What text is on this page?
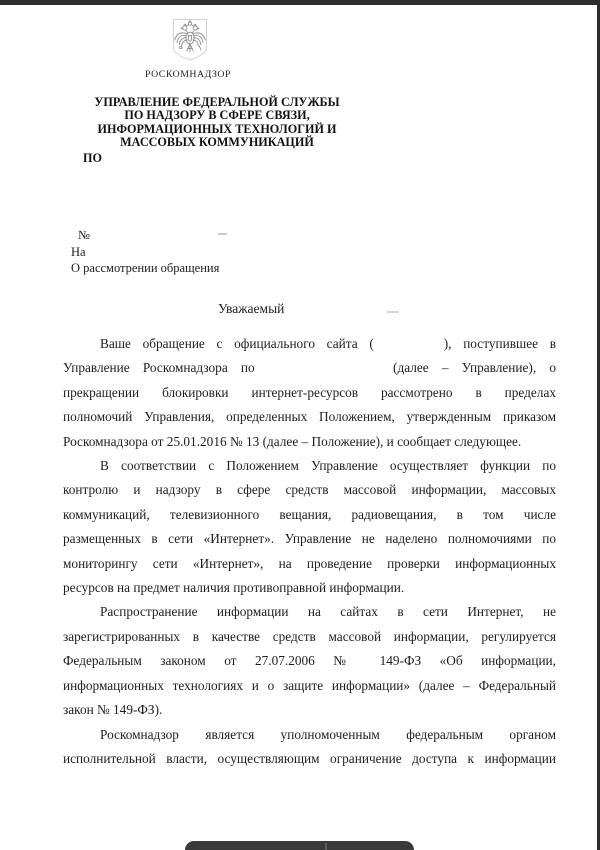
РОСКОМНАДЗОР
УПРАВЛЕНИЕ ФЕДЕРАЛЬНОЙ СЛУЖБЫ
ПО НАДЗОРУ В СФЕРЕ СВЯЗИ,
ИНФОРМАЦИОННЫХ ТЕХНОЛОГИЙ И
МАССОВЫХ КОММУНИКАЦИЙ
ПО
№
На
О рассмотрении обращения
Уважаемый
Ваше обращение с официального сайта (	), поступившее в
Управление Роскомнадзора по	(далее – Управление), о
прекращении блокировки интернет-ресурсов рассмотрено в пределах
полномочий Управления, определенных Положением, утвержденным приказом
Роскомнадзора от 25.01.2016 № 13 (далее – Положение), и сообщает следующее.
В соответствии с Положением Управление осуществляет функции по
контролю и надзору в сфере средств массовой информации, массовых
коммуникаций, телевизионного вещания, радиовещания, в том числе
размещенных в сети «Интернет». Управление не наделено полномочиями по
мониторингу сети «Интернет», на проведение проверки информационных
ресурсов на предмет наличия противоправной информации.
Распространение информации на сайтах в сети Интернет, не
зарегистрированных в качестве средств массовой информации, регулируется
Федеральным законом от 27.07.2006 № 149-ФЗ «Об информации,
информационных технологиях и о защите информации» (далее – Федеральный
закон № 149-ФЗ).
Роскомнадзор является уполномоченным федеральным органом
исполнительной власти, осуществляющим ограничение доступа к информации
